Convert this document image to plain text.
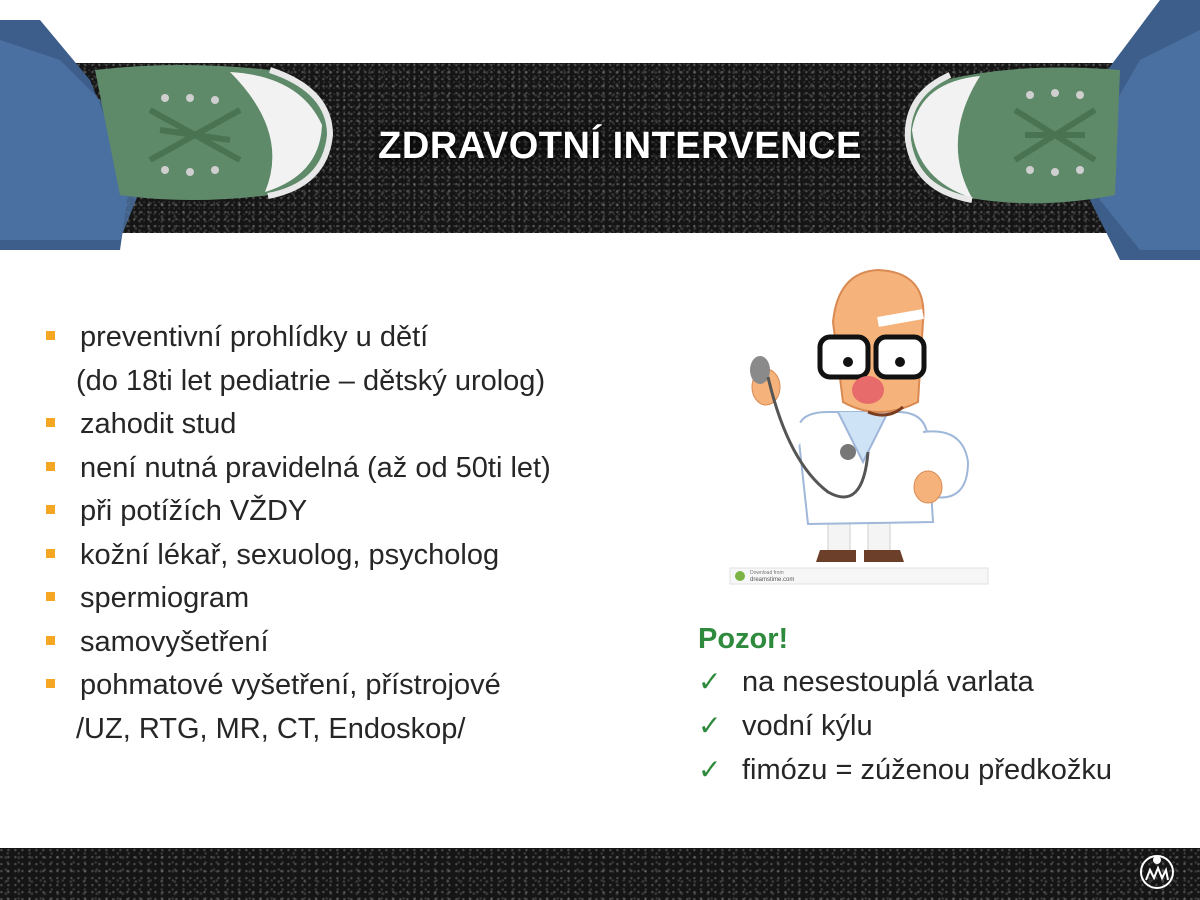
ZDRAVOTNÍ INTERVENCE
preventivní prohlídky u dětí
(do 18ti let pediatrie – dětský urolog)
zahodit stud
není nutná pravidelná (až od 50ti let)
při potížích VŽDY
kožní lékař, sexuolog, psycholog
spermiogram
samovyšetření
pohmatové vyšetření, přístrojové
/UZ, RTG, MR, CT, Endoskop/
Download from
dreamstime.com
Pozor!
✓ na nesestouplá varlata
✓ vodní kýlu
✓ fimózu = zúženou předkožku
